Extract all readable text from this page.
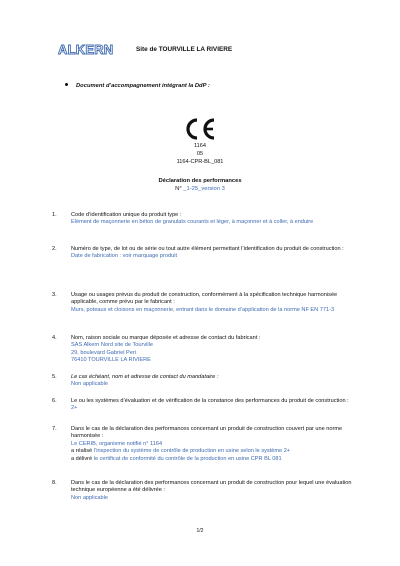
ALKERN	Site de TOURVILLE LA RIVIERE
Document d’accompagnement intégrant la DdP :
1164
05
1164-CPR-BL_081
Déclaration des performances
N° _1-25_version 3
1.	Code d’identification unique du produit type :
Elément de maçonnerie en béton de granulats courants et léger, à maçonner et à coller, à enduire
2.	Numéro de type, de lot ou de série ou tout autre élément permettant l’identification du produit de construction :
Date de fabrication : voir marquage produit
3.	Usage ou usages prévus du produit de construction, conformément à la spécification technique harmonisée applicable, comme prévu par le fabricant :
Murs, poteaux et cloisons en maçonnerie, entrant dans le domaine d’application de la norme NF EN 771-3
4.	Nom, raison sociale ou marque déposée et adresse de contact du fabricant :
SAS Alkern Nord site de Tourville
29, boulevard Gabriel Peri
76410 TOURVILLE LA RIVIERE
5.	Le cas échéant, nom et adresse de contact du mandataire :
Non applicable
6.	Le ou les systèmes d’évaluation et de vérification de la constance des performances du produit de construction : 2+
7.	Dans le cas de la déclaration des performances concernant un produit de construction couvert par une norme harmonisée :
Le CERIB, organisme notifié n° 1164
a réalisé l’inspection du système de contrôle de production en usine selon le système 2+
a délivré le certificat de conformité du contrôle de la production en usine CPR BL 081
8.	Dans le cas de la déclaration des performances concernant un produit de construction pour lequel une évaluation technique européenne a été délivrée :
Non applicable
1/2
